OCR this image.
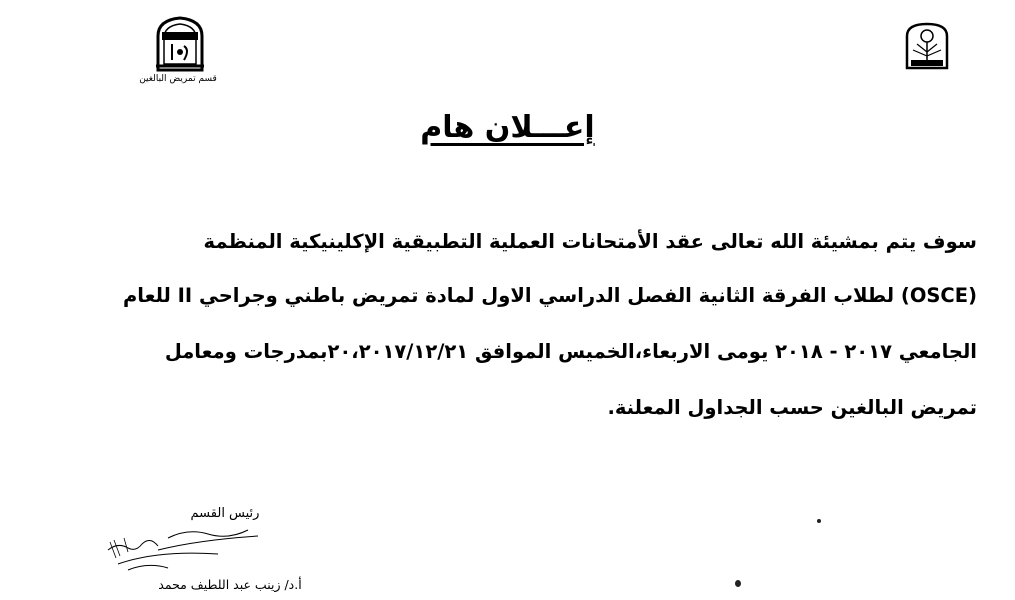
قسم تمريض البالغين
إعـــلان هام
سوف يتم بمشيئة الله تعالى عقد الأمتحانات العملية التطبيقية الإكلينيكية المنظمة
(OSCE) لطلاب الفرقة الثانية الفصل الدراسي الاول لمادة تمريض باطني وجراحي II للعام
الجامعي ٢٠١٧ - ٢٠١٨ يومى الاربعاء،الخميس الموافق ٢٠،٢٠١٧/١٢/٢١بمدرجات ومعامل
تمريض البالغين حسب الجداول المعلنة.
رئيس القسم
أ.د/ زينب عبد اللطيف محمد
